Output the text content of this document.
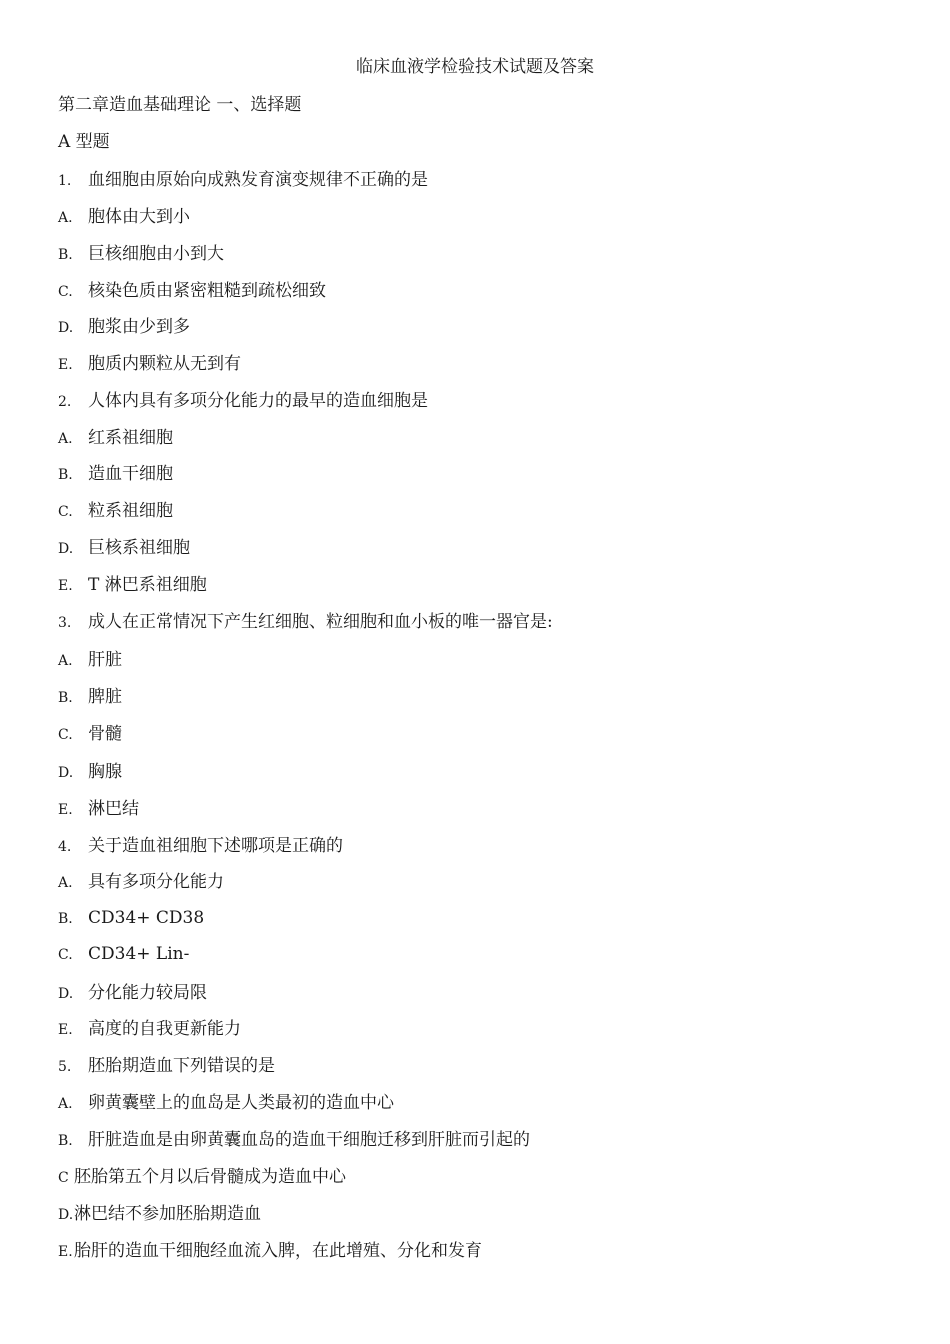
临床血液学检验技术试题及答案
第二章造血基础理论 一、选择题
A 型题
1. 血细胞由原始向成熟发育演变规律不正确的是
A. 胞体由大到小
B. 巨核细胞由小到大
C. 核染色质由紧密粗糙到疏松细致
D. 胞浆由少到多
E. 胞质内颗粒从无到有
2. 人体内具有多项分化能力的最早的造血细胞是
A. 红系祖细胞
B. 造血干细胞
C. 粒系祖细胞
D. 巨核系祖细胞
E. T 淋巴系祖细胞
3. 成人在正常情况下产生红细胞、粒细胞和血小板的唯一器官是:
A. 肝脏
B. 脾脏
C. 骨髓
D. 胸腺
E. 淋巴结
4. 关于造血祖细胞下述哪项是正确的
A. 具有多项分化能力
B. CD34+ CD38
C. CD34+ Lin-
D. 分化能力较局限
E. 高度的自我更新能力
5. 胚胎期造血下列错误的是
A. 卵黄囊壁上的血岛是人类最初的造血中心
B. 肝脏造血是由卵黄囊血岛的造血干细胞迁移到肝脏而引起的
C 胚胎第五个月以后骨髓成为造血中心
D.淋巴结不参加胚胎期造血
E.胎肝的造血干细胞经血流入脾，在此增殖、分化和发育
